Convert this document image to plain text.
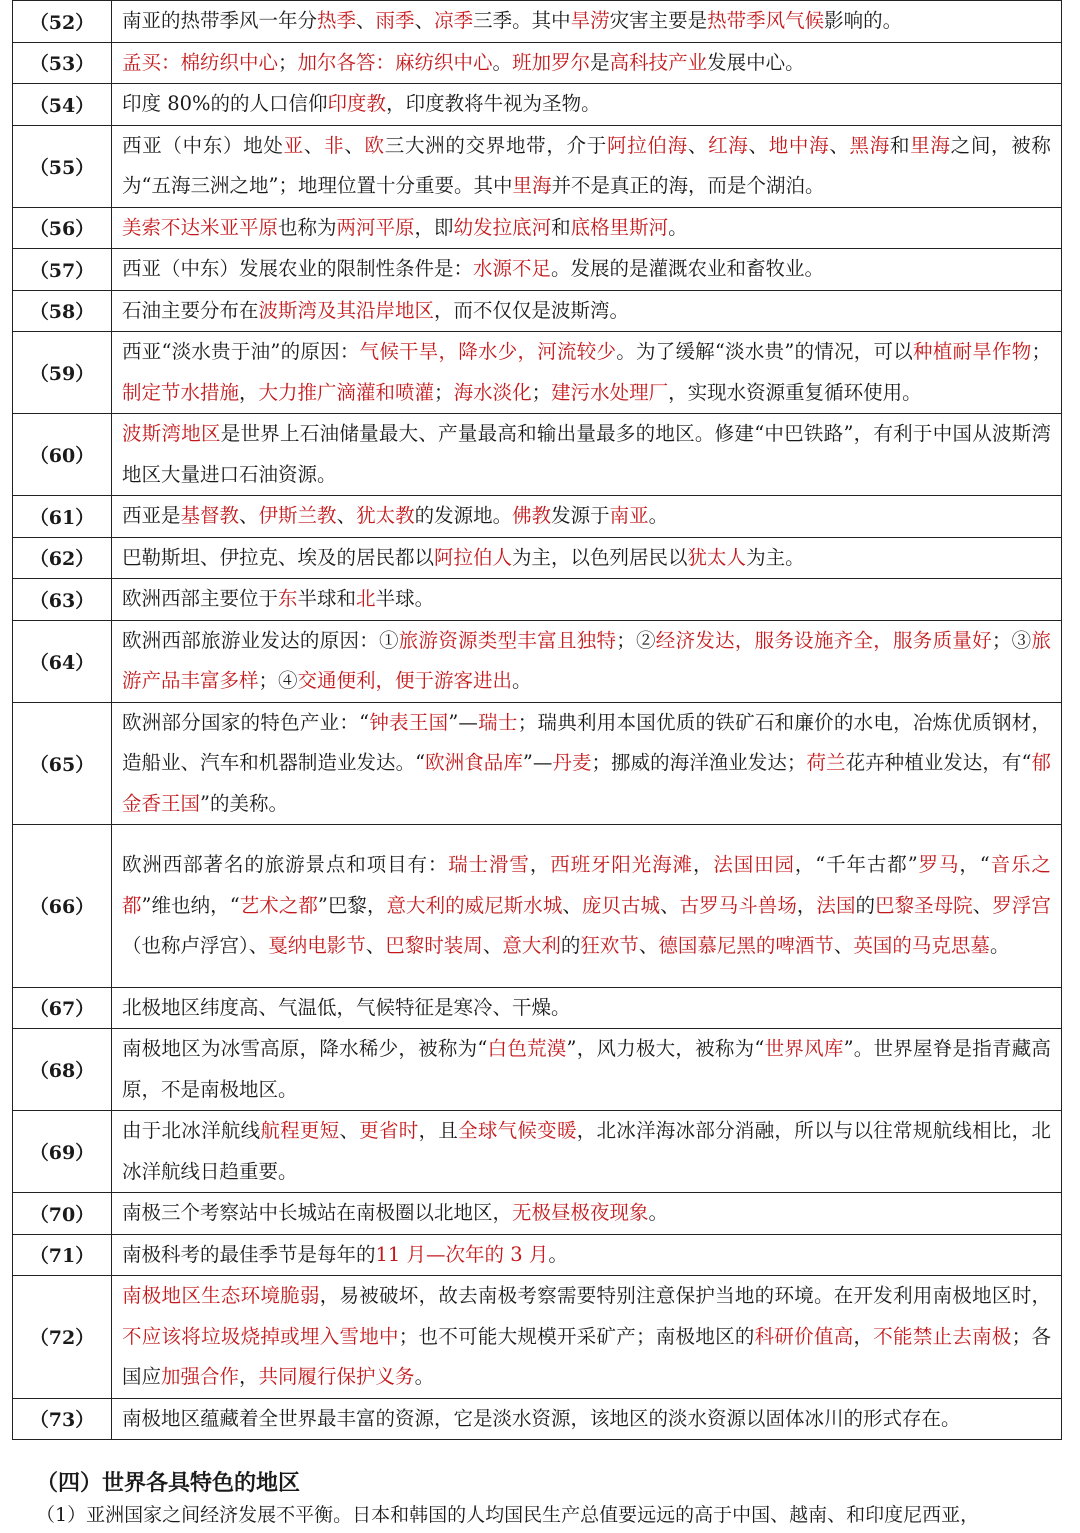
（52）	南亚的热带季风一年分热季、雨季、凉季三季。其中旱涝灾害主要是热带季风气候影响的。
（53）	孟买：棉纺织中心；加尔各答：麻纺织中心。班加罗尔是高科技产业发展中心。
（54）	印度 80%的的人口信仰印度教，印度教将牛视为圣物。
（55）	西亚（中东）地处亚、非、欧三大洲的交界地带，介于阿拉伯海、红海、地中海、黑海和里海之间，被称为“五海三洲之地”；地理位置十分重要。其中里海并不是真正的海，而是个湖泊。
（56）	美索不达米亚平原也称为两河平原，即幼发拉底河和底格里斯河。
（57）	西亚（中东）发展农业的限制性条件是：水源不足。发展的是灌溉农业和畜牧业。
（58）	石油主要分布在波斯湾及其沿岸地区，而不仅仅是波斯湾。
（59）	西亚“淡水贵于油”的原因：气候干旱，降水少，河流较少。为了缓解“淡水贵”的情况，可以种植耐旱作物；制定节水措施，大力推广滴灌和喷灌；海水淡化；建污水处理厂，实现水资源重复循环使用。
（60）	波斯湾地区是世界上石油储量最大、产量最高和输出量最多的地区。修建“中巴铁路”，有利于中国从波斯湾地区大量进口石油资源。
（61）	西亚是基督教、伊斯兰教、犹太教的发源地。佛教发源于南亚。
（62）	巴勒斯坦、伊拉克、埃及的居民都以阿拉伯人为主，以色列居民以犹太人为主。
（63）	欧洲西部主要位于东半球和北半球。
（64）	欧洲西部旅游业发达的原因：①旅游资源类型丰富且独特；②经济发达，服务设施齐全，服务质量好；③旅游产品丰富多样；④交通便利，便于游客进出。
（65）	欧洲部分国家的特色产业：“钟表王国”—瑞士；瑞典利用本国优质的铁矿石和廉价的水电，冶炼优质钢材，造船业、汽车和机器制造业发达。“欧洲食品库”—丹麦；挪威的海洋渔业发达；荷兰花卉种植业发达，有“郁金香王国”的美称。
（66）	欧洲西部著名的旅游景点和项目有：瑞士滑雪，西班牙阳光海滩，法国田园，“千年古都”罗马，“音乐之都”维也纳，“艺术之都”巴黎，意大利的威尼斯水城、庞贝古城、古罗马斗兽场，法国的巴黎圣母院、罗浮宫（也称卢浮宫）、戛纳电影节、巴黎时装周、意大利的狂欢节、德国慕尼黑的啤酒节、英国的马克思墓。
（67）	北极地区纬度高、气温低，气候特征是寒冷、干燥。
（68）	南极地区为冰雪高原，降水稀少，被称为“白色荒漠”，风力极大，被称为“世界风库”。世界屋脊是指青藏高原，不是南极地区。
（69）	由于北冰洋航线航程更短、更省时，且全球气候变暖，北冰洋海冰部分消融，所以与以往常规航线相比，北冰洋航线日趋重要。
（70）	南极三个考察站中长城站在南极圈以北地区，无极昼极夜现象。
（71）	南极科考的最佳季节是每年的11 月—次年的 3 月。
（72）	南极地区生态环境脆弱，易被破坏，故去南极考察需要特别注意保护当地的环境。在开发利用南极地区时，不应该将垃圾烧掉或埋入雪地中；也不可能大规模开采矿产；南极地区的科研价值高，不能禁止去南极；各国应加强合作，共同履行保护义务。
（73）	南极地区蕴藏着全世界最丰富的资源，它是淡水资源，该地区的淡水资源以固体冰川的形式存在。
（四）世界各具特色的地区

（1）亚洲国家之间经济发展不平衡。日本和韩国的人均国民生产总值要远远的高于中国、越南、和印度尼西亚，
